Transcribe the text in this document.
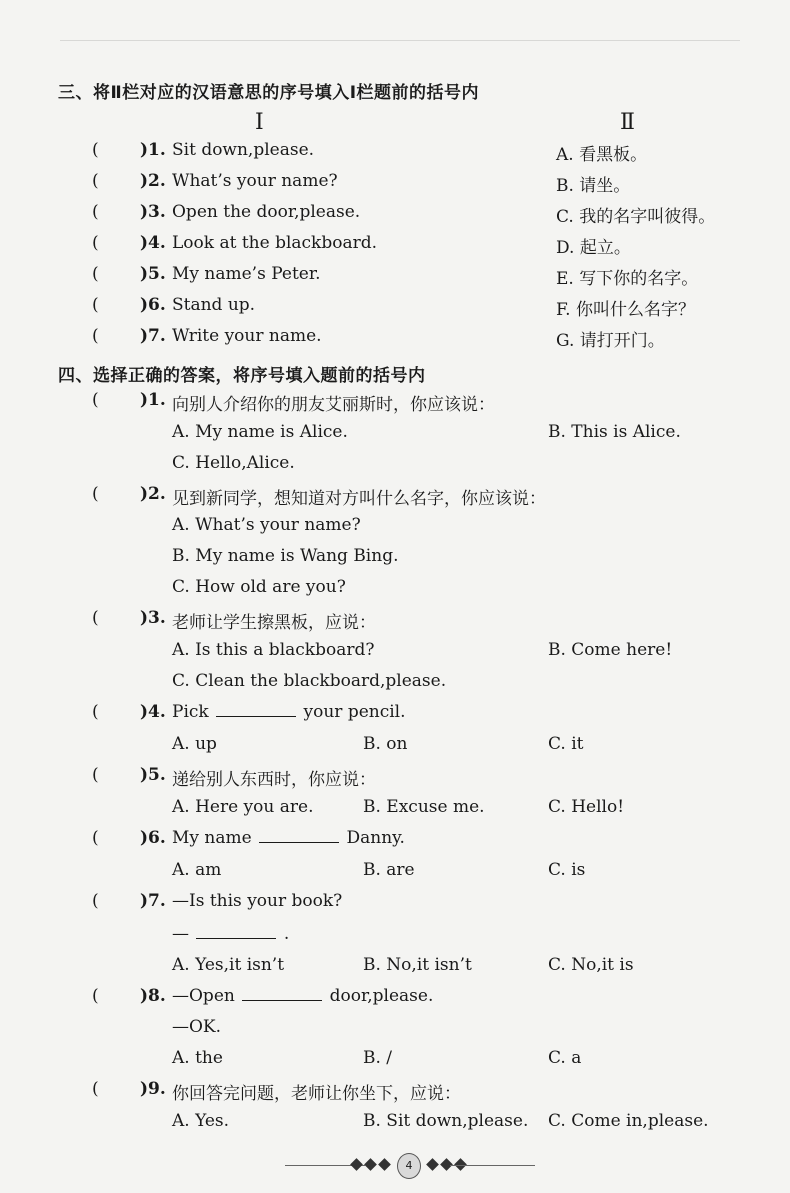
三、将Ⅱ栏对应的汉语意思的序号填入Ⅰ栏题前的括号内
Ⅰ	Ⅱ
( )1. Sit down,please.	A. 看黑板。
( )2. What’s your name?	B. 请坐。
( )3. Open the door,please.	C. 我的名字叫彼得。
( )4. Look at the blackboard.	D. 起立。
( )5. My name’s Peter.	E. 写下你的名字。
( )6. Stand up.	F. 你叫什么名字？
( )7. Write your name.	G. 请打开门。
四、选择正确的答案，将序号填入题前的括号内
( )1. 向别人介绍你的朋友艾丽斯时，你应该说：
A. My name is Alice.	B. This is Alice.
C. Hello,Alice.
( )2. 见到新同学，想知道对方叫什么名字，你应该说：
A. What’s your name?
B. My name is Wang Bing.
C. How old are you?
( )3. 老师让学生擦黑板，应说：
A. Is this a blackboard?	B. Come here!
C. Clean the blackboard,please.
( )4. Pick	your pencil.
A. up	B. on	C. it
( )5. 递给别人东西时，你应说：
A. Here you are.	B. Excuse me.	C. Hello!
( )6. My name	Danny.
A. am	B. are	C. is
( )7. —Is this your book?
—	.
A. Yes,it isn’t	B. No,it isn’t	C. No,it is
( )8. —Open	door,please.
—OK.
A. the	B. /	C. a
( )9. 你回答完问题，老师让你坐下，应说：
A. Yes.	B. Sit down,please. C. Come in,please.
4
